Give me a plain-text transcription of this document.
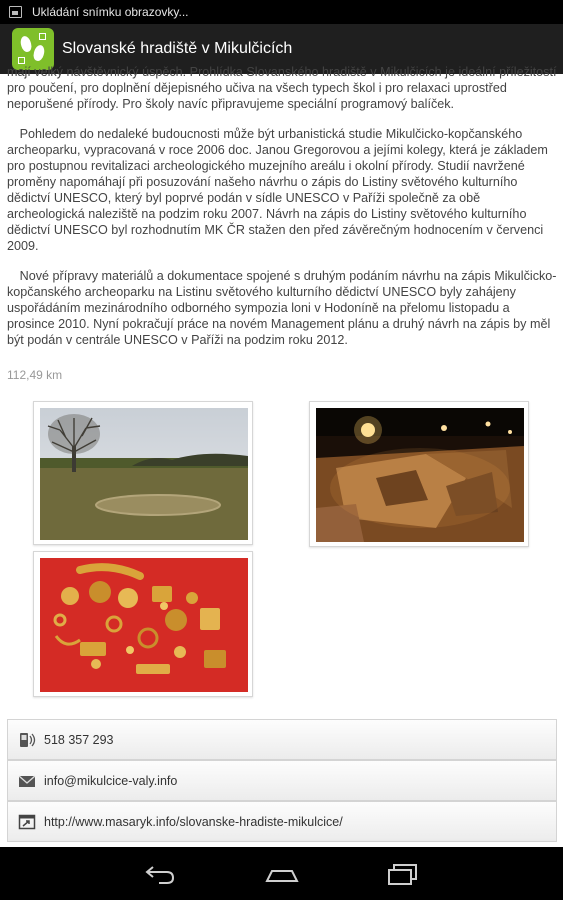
Ukládání snímku obrazovky...
Slovanské hradiště v Mikulčicích

mají velký návštěvnický úspěch. Prohlídka Slovanského hradiště v Mikulčicích je ideální příležitostí pro poučení, pro doplnění dějepisného učiva na všech typech škol i pro relaxaci uprostřed neporušené přírody. Pro školy navíc připravujeme speciální programový balíček.

Pohledem do nedaleké budoucnosti může být urbanistická studie Mikulčicko-kopčanského archeoparku, vypracovaná v roce 2006 doc. Janou Gregorovou a jejími kolegy, která je základem pro postupnou revitalizaci archeologického muzejního areálu i okolní přírody. Studií navržené proměny napomáhají při posuzování našeho návrhu o zápis do Listiny světového kulturního dědictví UNESCO, který byl poprvé podán v sídle UNESCO v Paříži společně za obě archeologická naleziště na podzim roku 2007. Návrh na zápis do Listiny světového kulturního dědictví UNESCO byl rozhodnutím MK ČR stažen den před závěrečným hodnocením v červenci 2009.

Nové přípravy materiálů a dokumentace spojené s druhým podáním návrhu na zápis Mikulčicko-kopčanského archeoparku na Listinu světového kulturního dědictví UNESCO byly zahájeny uspořádáním mezinárodního odborného sympozia loni v Hodoníně na přelomu listopadu a prosince 2010. Nyní pokračují práce na novém Management plánu a druhý návrh na zápis by měl být podán v centrále UNESCO v Paříži na podzim roku 2012.

112,49 km
518 357 293
info@mikulcice-valy.info
http://www.masaryk.info/slovanske-hradiste-mikulcice/
